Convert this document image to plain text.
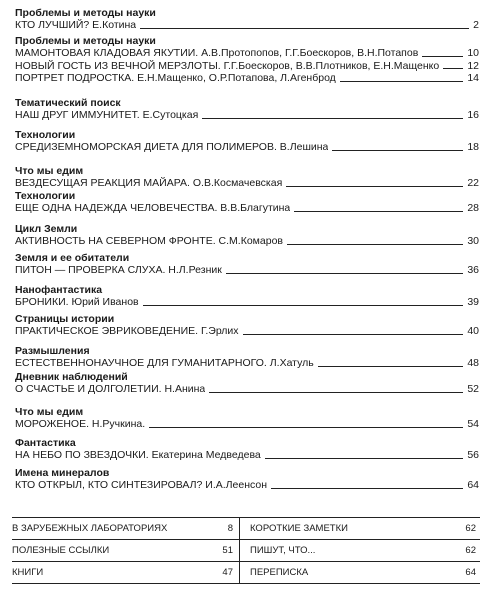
Проблемы и методы науки
КТО ЛУЧШИЙ? Е.Котина	2
Проблемы и методы науки
МАМОНТОВАЯ КЛАДОВАЯ ЯКУТИИ. А.В.Протопопов, Г.Г.Боескоров, В.Н.Потапов	10
НОВЫЙ ГОСТЬ ИЗ ВЕЧНОЙ МЕРЗЛОТЫ. Г.Г.Боескоров, В.В.Плотников, Е.Н.Мащенко	12
ПОРТРЕТ ПОДРОСТКА. Е.Н.Мащенко, О.Р.Потапова, Л.Агенброд	14
Тематический поиск
НАШ ДРУГ ИММУНИТЕТ. Е.Сутоцкая	16
Технологии
СРЕДИЗЕМНОМОРСКАЯ ДИЕТА ДЛЯ ПОЛИМЕРОВ. В.Лешина	18
Что мы едим
ВЕЗДЕСУЩАЯ РЕАКЦИЯ МАЙАРА. О.В.Космачевская	22
Технологии
ЕЩЕ ОДНА НАДЕЖДА ЧЕЛОВЕЧЕСТВА. В.В.Благутина	28
Цикл Земли
АКТИВНОСТЬ НА СЕВЕРНОМ ФРОНТЕ. С.М.Комаров	30
Земля и ее обитатели
ПИТОН — ПРОВЕРКА СЛУХА. Н.Л.Резник	36
Нанофантастика
БРОНИКИ. Юрий Иванов	39
Страницы истории
ПРАКТИЧЕСКОЕ ЭВРИКОВЕДЕНИЕ. Г.Эрлих	40
Размышления
ЕСТЕСТВЕННОНАУЧНОЕ ДЛЯ ГУМАНИТАРНОГО. Л.Хатуль	48
Дневник наблюдений
О СЧАСТЬЕ И ДОЛГОЛЕТИИ. Н.Анина	52
Что мы едим
МОРОЖЕНОЕ. Н.Ручкина.	54
Фантастика
НА НЕБО ПО ЗВЕЗДОЧКИ. Екатерина Медведева	56
Имена минералов
КТО ОТКРЫЛ, КТО СИНТЕЗИРОВАЛ? И.А.Леенсон	64
В ЗАРУБЕЖНЫХ ЛАБОРАТОРИЯХ	8 КОРОТКИЕ ЗАМЕТКИ	62
ПОЛЕЗНЫЕ ССЫЛКИ	51 ПИШУТ, ЧТО...	62
КНИГИ	47 ПЕРЕПИСКА	64
